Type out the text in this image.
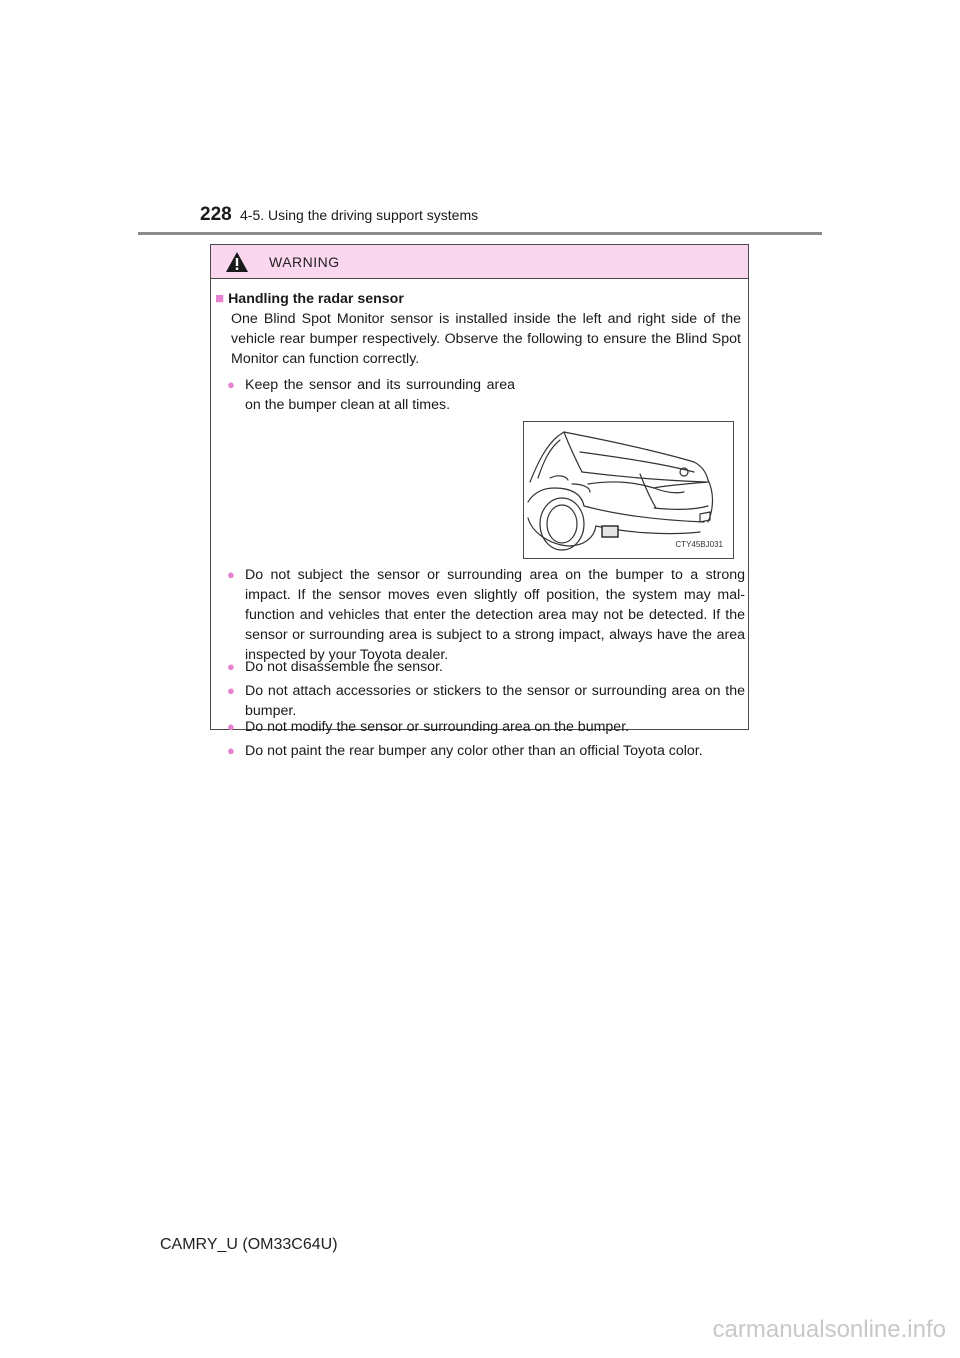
228 4-5. Using the driving support systems
WARNING
■ Handling the radar sensor
One Blind Spot Monitor sensor is installed inside the left and right side of the vehicle rear bumper respectively. Observe the following to ensure the Blind Spot Monitor can function correctly.
● Keep the sensor and its surrounding area on the bumper clean at all times.
CTY45BJ031
● Do not subject the sensor or surrounding area on the bumper to a strong impact. If the sensor moves even slightly off position, the system may mal-function and vehicles that enter the detection area may not be detected. If the sensor or surrounding area is subject to a strong impact, always have the area inspected by your Toyota dealer.
● Do not disassemble the sensor.
● Do not attach accessories or stickers to the sensor or surrounding area on the bumper.
● Do not modify the sensor or surrounding area on the bumper.
● Do not paint the rear bumper any color other than an official Toyota color.
CAMRY_U (OM33C64U)
carmanualsonline.info
